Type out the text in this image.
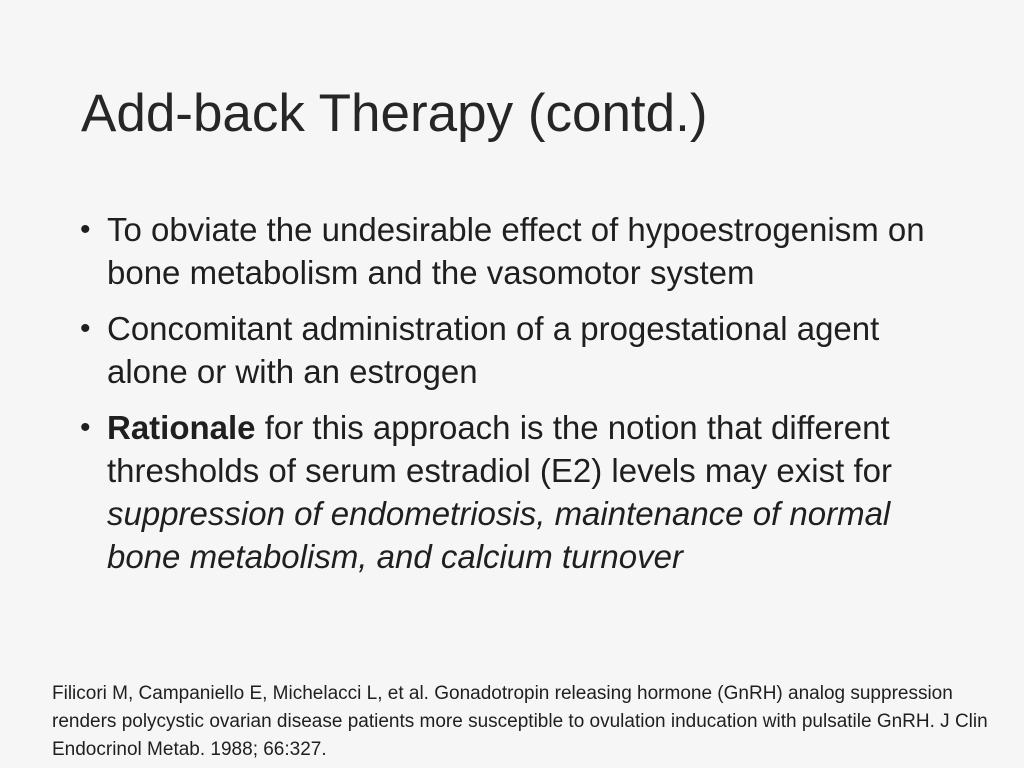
Add-back Therapy (contd.)
• To obviate the undesirable effect of hypoestrogenism on bone metabolism and the vasomotor system
• Concomitant administration of a progestational agent alone or with an estrogen
• Rationale for this approach is the notion that different thresholds of serum estradiol (E2) levels may exist for suppression of endometriosis, maintenance of normal bone metabolism, and calcium turnover

Filicori M, Campaniello E, Michelacci L, et al. Gonadotropin releasing hormone (GnRH) analog suppression renders polycystic ovarian disease patients more susceptible to ovulation inducation with pulsatile GnRH. J Clin Endocrinol Metab. 1988; 66:327.
